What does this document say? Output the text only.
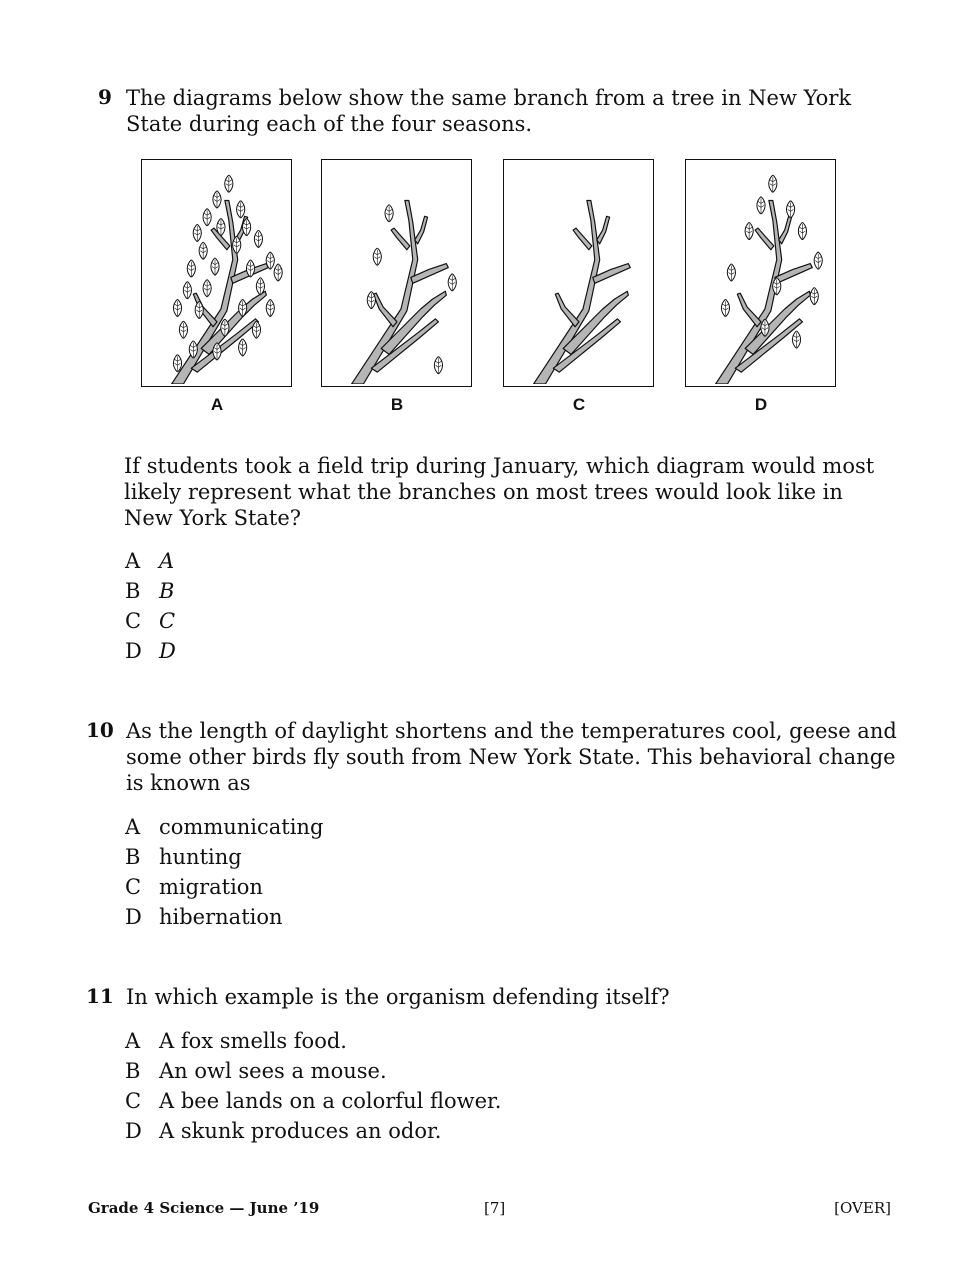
9 The diagrams below show the same branch from a tree in New York State during each of the four seasons.
A	B	C	D
If students took a field trip during January, which diagram would most likely represent what the branches on most trees would look like in New York State?
A A
B B
C C
D D
10 As the length of daylight shortens and the temperatures cool, geese and some other birds fly south from New York State. This behavioral change is known as
A communicating
B hunting
C migration
D hibernation
11 In which example is the organism defending itself?
A A fox smells food.
B An owl sees a mouse.
C A bee lands on a colorful flower.
D A skunk produces an odor.
Grade 4 Science — June ’19	[7]	[OVER]
